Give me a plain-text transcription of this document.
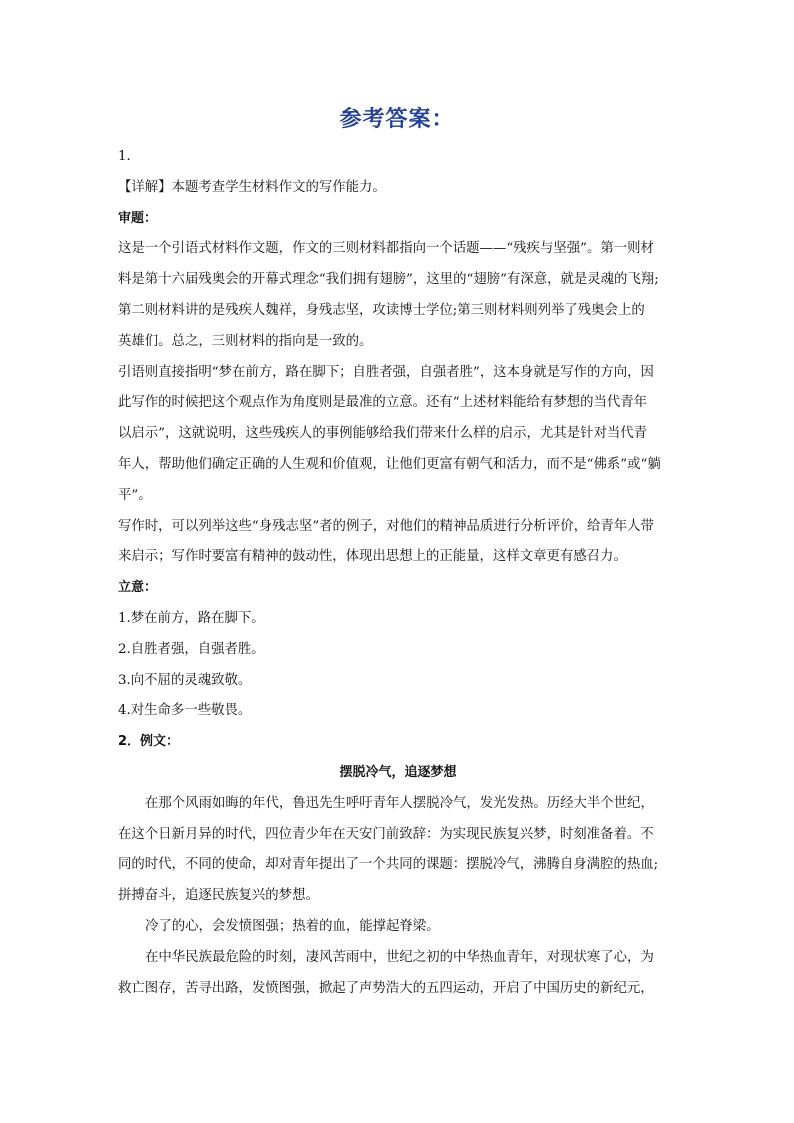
参考答案：
1．
【详解】本题考查学生材料作文的写作能力。
审题：
这是一个引语式材料作文题，作文的三则材料都指向一个话题——“残疾与坚强”。第一则材
料是第十六届残奥会的开幕式理念“我们拥有翅膀”，这里的“翅膀”有深意，就是灵魂的飞翔;
第二则材料讲的是残疾人魏祥，身残志坚，攻读博士学位;第三则材料则列举了残奥会上的
英雄们。总之，三则材料的指向是一致的。
引语则直接指明“梦在前方，路在脚下；自胜者强，自强者胜”，这本身就是写作的方向，因
此写作的时候把这个观点作为角度则是最准的立意。还有“上述材料能给有梦想的当代青年
以启示”，这就说明，这些残疾人的事例能够给我们带来什么样的启示，尤其是针对当代青
年人，帮助他们确定正确的人生观和价值观，让他们更富有朝气和活力，而不是“佛系”或“躺
平”。
写作时，可以列举这些“身残志坚”者的例子，对他们的精神品质进行分析评价，给青年人带
来启示；写作时要富有精神的鼓动性，体现出思想上的正能量，这样文章更有感召力。
立意：
1.梦在前方，路在脚下。
2.自胜者强，自强者胜。
3.向不屈的灵魂致敬。
4.对生命多一些敬畏。
2．例文：
摆脱冷气，追逐梦想
在那个风雨如晦的年代，鲁迅先生呼吁青年人摆脱冷气，发光发热。历经大半个世纪，
在这个日新月异的时代，四位青少年在天安门前致辞：为实现民族复兴梦，时刻准备着。不
同的时代，不同的使命，却对青年提出了一个共同的课题：摆脱冷气，沸腾自身满腔的热血;
拼搏奋斗，追逐民族复兴的梦想。
冷了的心，会发愤图强；热着的血，能撑起脊梁。
在中华民族最危险的时刻，凄风苦雨中，世纪之初的中华热血青年，对现状寒了心，为
救亡图存，苦寻出路，发愤图强，掀起了声势浩大的五四运动，开启了中国历史的新纪元，
